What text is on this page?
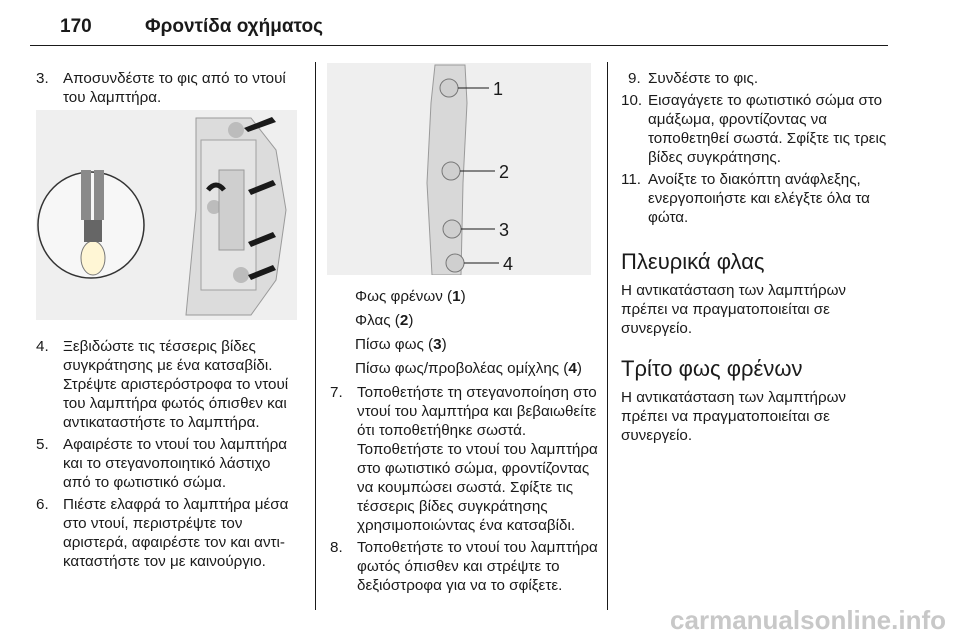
170	Φροντίδα οχήματος
3. Αποσυνδέστε το φις από το ντουί του λαμπτήρα.
4. Ξεβιδώστε τις τέσσερις βίδες συγκράτησης με ένα κατσαβίδι. Στρέψτε αριστερόστροφα το ντουί του λαμπτήρα φωτός όπισθεν και αντικαταστήστε το λαμπτήρα.
5. Αφαιρέστε το ντουί του λαμπτήρα και το στεγανοποιητικό λάστιχο από το φωτιστικό σώμα.
6. Πιέστε ελαφρά το λαμπτήρα μέσα στο ντουί, περιστρέψτε τον αριστερά, αφαιρέστε τον και αντι-καταστήστε τον με καινούργιο.
1
2
3
4

Φως φρένων (1)

Φλας (2)

Πίσω φως (3)

Πίσω φως/προβολέας ομίχλης (4)

7. Τοποθετήστε τη στεγανοποίηση στο ντουί του λαμπτήρα και βεβαιωθείτε ότι τοποθετήθηκε σωστά. Τοποθετήστε το ντουί του λαμπτήρα στο φωτιστικό σώμα, φροντίζοντας να κουμπώσει σωστά. Σφίξτε τις τέσσερις βίδες συγκράτησης χρησιμοποιώντας ένα κατσαβίδι.
8. Τοποθετήστε το ντουί του λαμπτήρα φωτός όπισθεν και στρέψτε το δεξιόστροφα για να το σφίξετε.
9. Συνδέστε το φις.
10. Εισαγάγετε το φωτιστικό σώμα στο αμάξωμα, φροντίζοντας να τοποθετηθεί σωστά. Σφίξτε τις τρεις βίδες συγκράτησης.
11. Ανοίξτε το διακόπτη ανάφλεξης, ενεργοποιήστε και ελέγξτε όλα τα φώτα.
Πλευρικά φλας

Η αντικατάσταση των λαμπτήρων πρέπει να πραγματοποιείται σε συνεργείο.

Τρίτο φως φρένων

Η αντικατάσταση των λαμπτήρων πρέπει να πραγματοποιείται σε συνεργείο.

carmanualsonline.info
